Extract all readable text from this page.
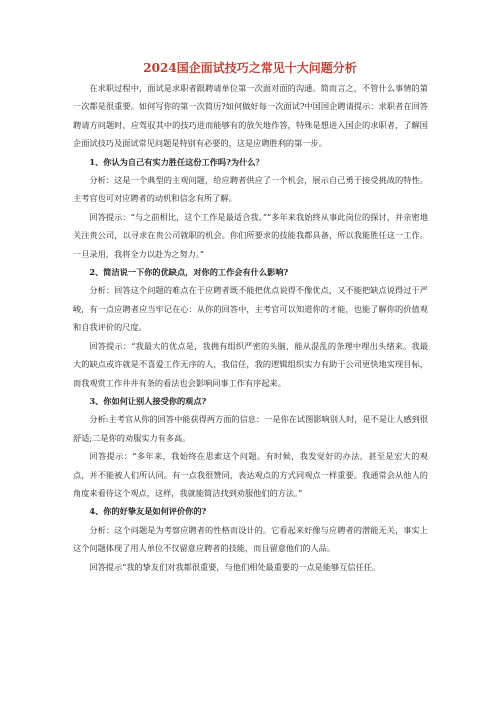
2024国企面试技巧之常见十大问题分析

在求职过程中，面试是求职者跟聘请单位第一次面对面的沟通。简而言之，不管什么事情的第一次都是很重要。如何写你的第一次简历?如何做好每一次面试?中国国企聘请提示：求职者在回答聘请方问题时，应驾驭其中的技巧进而能够有的放矢地作答，特殊是想进入国企的求职者，了解国企面试技巧及面试常见问题是特别有必要的，这是应聘胜利的第一步。

1、你认为自己有实力胜任这份工作吗?为什么？

分析：这是一个典型的主观问题，给应聘者供应了一个机会，展示自己勇于接受挑战的特性。主考官也可对应聘者的动机和信念有所了解。

回答提示：“与之前相比，这个工作是最适合我。”“多年来我始终从事此岗位的探讨，并亲密地关注贵公司，以寻求在贵公司就职的机会。你们所要求的技能我都具备，所以我能胜任这一工作。一旦录用，我将全力以赴为之努力。”

2、简洁说一下你的优缺点，对你的工作会有什么影响?

分析：回答这个问题的难点在于应聘者既不能把优点说得不像优点，又不能把缺点说得过于严峻，有一点应聘者应当牢记在心：从你的回答中，主考官可以知道你的才能，也能了解你的价值观和自我评价的尺度。

回答提示：“我最大的优点是，我拥有组织严密的头脑，能从混乱的条理中理出头绪来。我最大的缺点或许就是不喜爱工作无序的人，我信任，我的逻辑组织实力有助于公司更快地实现目标，而我观赏工作井井有条的看法也会影响同事工作有序起来。

3、你如何让别人接受你的观点?

分析:主考官从你的回答中能获得两方面的信息：一是你在试图影响别人时，是不是让人感到很舒适;二是你的劝服实力有多高。

回答提示：“多年来，我始终在思索这个问题。有时候，我发觉好的办法，甚至是宏大的观点，并不能被人们所认同。有一点我很赞同，表达观点的方式同观点一样重要。我通常会从他人的角度来看待这个观点，这样，我就能简洁找到劝服他们的方法。”

4、你的好挚友是如何评价你的?

分析：这个问题是为考察应聘者的性格而设计的。它看起来好像与应聘者的潜能无关，事实上这个问题体现了用人单位不仅留意应聘者的技能，而且留意他们的人品。

回答提示“我的挚友们对我都很重要，与他们相处最重要的一点是能够互信任任。
